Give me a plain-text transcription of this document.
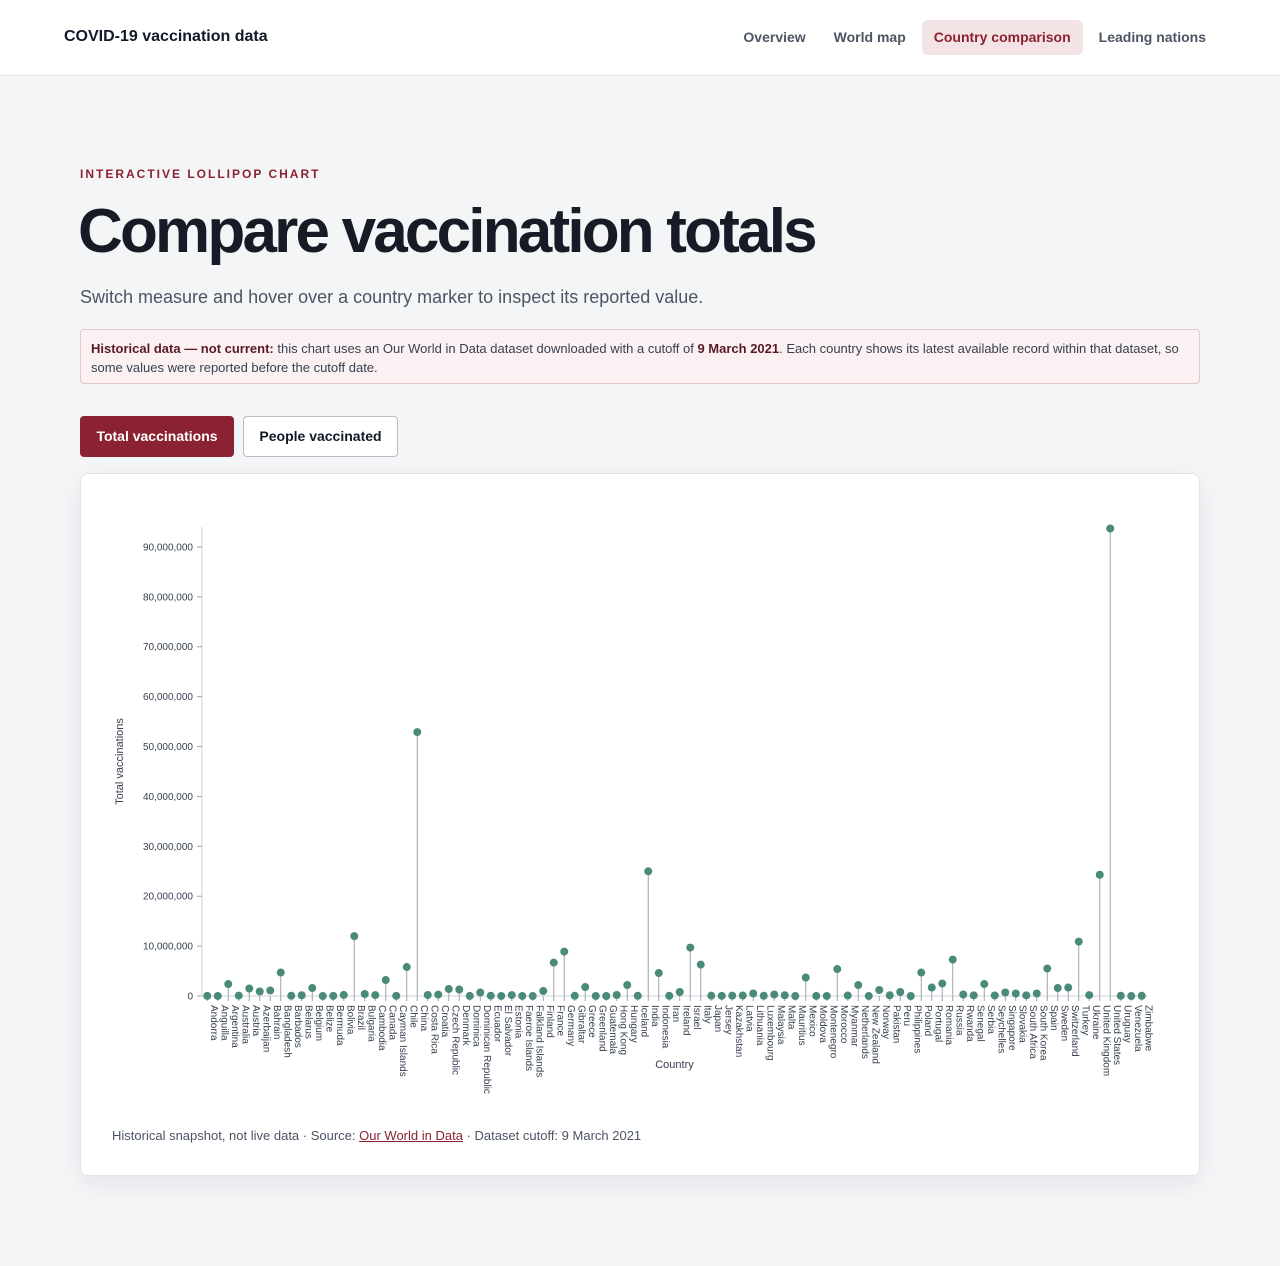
COVID-19 vaccination data	Overview	World map	Country comparison	Leading nations
INTERACTIVE LOLLIPOP CHART
Compare vaccination totals

Switch measure and hover over a country marker to inspect its reported value.

Historical data — not current: this chart uses an Our World in Data dataset downloaded with a cutoff of 9 March 2021. Each country shows its latest available record within that dataset, so some values were reported before the cutoff date.
Total vaccinations	People vaccinated
0
10,000,000
20,000,000
30,000,000
40,000,000
50,000,000
60,000,000
70,000,000
80,000,000
90,000,000
Total vaccinations
Country
Andorra Anguilla Argentina Australia Austria Azerbaijan Bahrain Bangladesh Barbados Belarus Belgium Belize Bermuda Bolivia Brazil Bulgaria Cambodia Canada Cayman Islands Chile China Costa Rica Croatia Czech Republic Denmark Dominica Dominican Republic Ecuador El Salvador Estonia Faeroe Islands Falkland Islands Finland France Germany Gibraltar Greece Greenland Guatemala Hong Kong Hungary Iceland India Indonesia Iran Ireland Israel Italy Japan Jersey Kazakhstan Latvia Lithuania Luxembourg Malaysia Malta Mauritius Mexico Moldova Montenegro Morocco Myanmar Netherlands New Zealand Norway Pakistan Peru Philippines Poland Portugal Romania Russia Rwanda Senegal Serbia Seychelles Singapore Slovakia South Africa South Korea Spain Sweden Switzerland Turkey Ukraine United Kingdom United States Uruguay Venezuela Zimbabwe
Historical snapshot, not live data · Source: Our World in Data · Dataset cutoff: 9 March 2021
